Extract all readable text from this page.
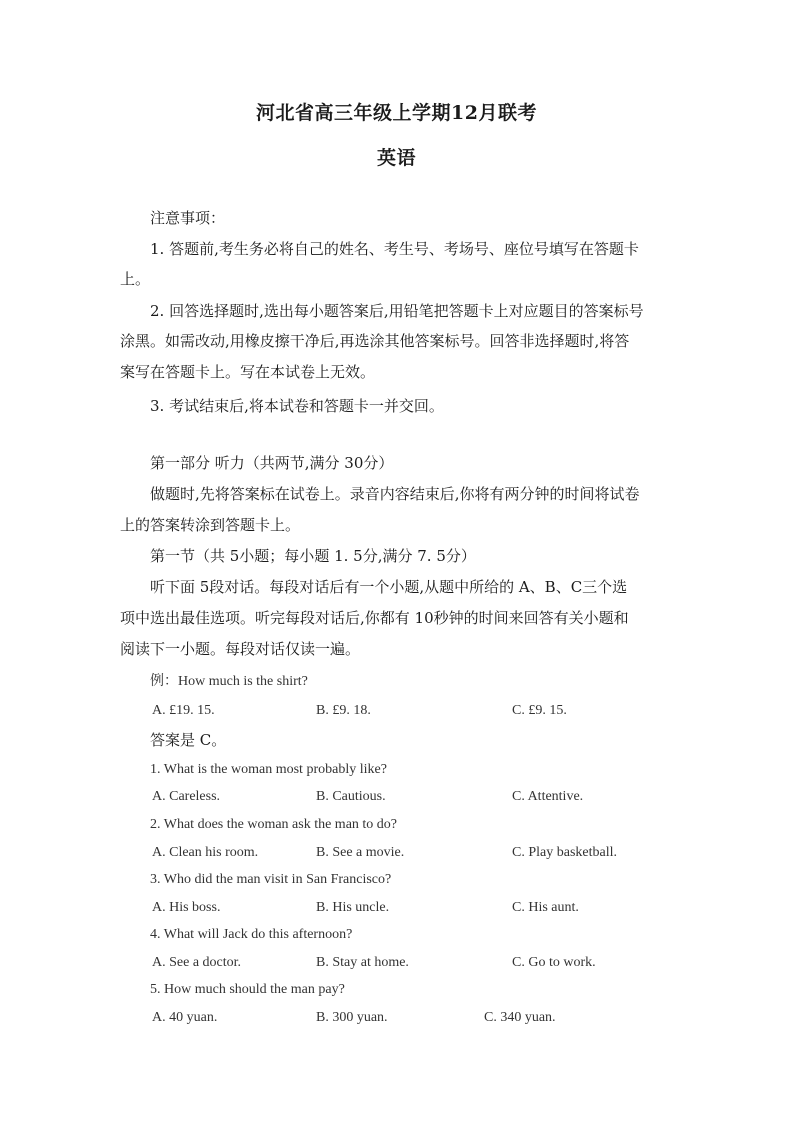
河北省高三年级上学期12月联考
英语
注意事项：
1. 答题前,考生务必将自己的姓名、考生号、考场号、座位号填写在答题卡
上。
2. 回答选择题时,选出每小题答案后,用铅笔把答题卡上对应题目的答案标号
涂黑。如需改动,用橡皮擦干净后,再选涂其他答案标号。回答非选择题时,将答
案写在答题卡上。写在本试卷上无效。
3. 考试结束后,将本试卷和答题卡一并交回。
第一部分 听力（共两节,满分 30分）
做题时,先将答案标在试卷上。录音内容结束后,你将有两分钟的时间将试卷
上的答案转涂到答题卡上。
第一节（共 5小题；每小题 1. 5分,满分 7. 5分）
听下面 5段对话。每段对话后有一个小题,从题中所给的 A、B、C三个选
项中选出最佳选项。听完每段对话后,你都有 10秒钟的时间来回答有关小题和
阅读下一小题。每段对话仅读一遍。
例：How much is the shirt?
A. £19. 15.	B. £9. 18.	C. £9. 15.
答案是 C。
1. What is the woman most probably like?
A. Careless.	B. Cautious.	C. Attentive.
2. What does the woman ask the man to do?
A. Clean his room.	B. See a movie.	C. Play basketball.
3. Who did the man visit in San Francisco?
A. His boss.	B. His uncle.	C. His aunt.
4. What will Jack do this afternoon?
A. See a doctor.	B. Stay at home.	C. Go to work.
5. How much should the man pay?
A. 40 yuan.	B. 300 yuan.	C. 340 yuan.
